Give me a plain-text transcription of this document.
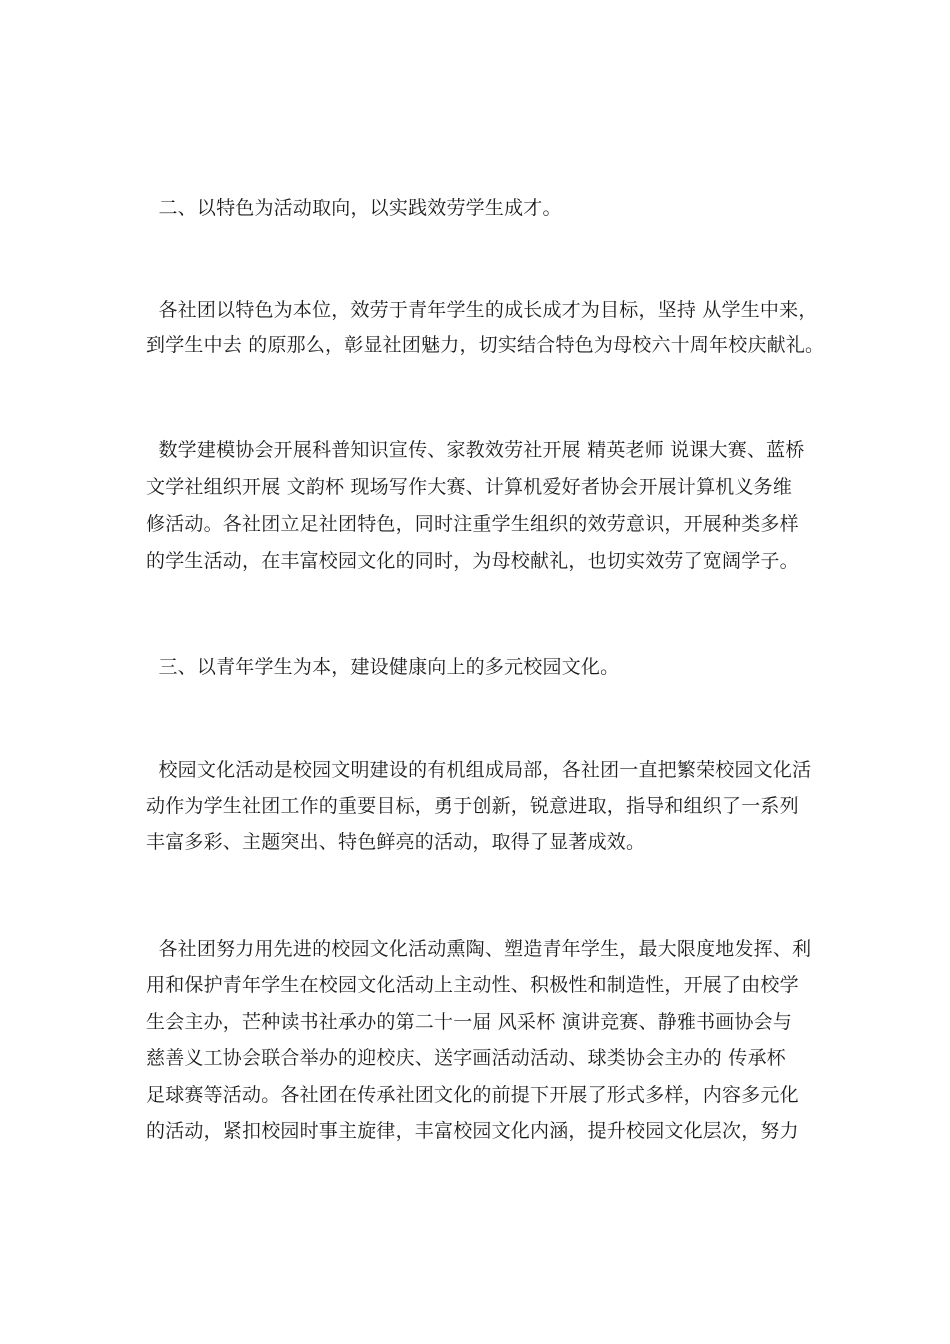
二、以特色为活动取向，以实践效劳学生成才。
各社团以特色为本位，效劳于青年学生的成长成才为目标，坚持 从学生中来，
到学生中去 的原那么，彰显社团魅力，切实结合特色为母校六十周年校庆献礼。
数学建模协会开展科普知识宣传、家教效劳社开展 精英老师 说课大赛、蓝桥
文学社组织开展 文韵杯 现场写作大赛、计算机爱好者协会开展计算机义务维
修活动。各社团立足社团特色，同时注重学生组织的效劳意识，开展种类多样
的学生活动，在丰富校园文化的同时，为母校献礼，也切实效劳了宽阔学子。
三、以青年学生为本，建设健康向上的多元校园文化。
校园文化活动是校园文明建设的有机组成局部，各社团一直把繁荣校园文化活
动作为学生社团工作的重要目标，勇于创新，锐意进取，指导和组织了一系列
丰富多彩、主题突出、特色鲜亮的活动，取得了显著成效。
各社团努力用先进的校园文化活动熏陶、塑造青年学生，最大限度地发挥、利
用和保护青年学生在校园文化活动上主动性、积极性和制造性，开展了由校学
生会主办，芒种读书社承办的第二十一届 风采杯 演讲竞赛、静雅书画协会与
慈善义工协会联合举办的迎校庆、送字画活动活动、球类协会主办的 传承杯
足球赛等活动。各社团在传承社团文化的前提下开展了形式多样，内容多元化
的活动，紧扣校园时事主旋律，丰富校园文化内涵，提升校园文化层次，努力
